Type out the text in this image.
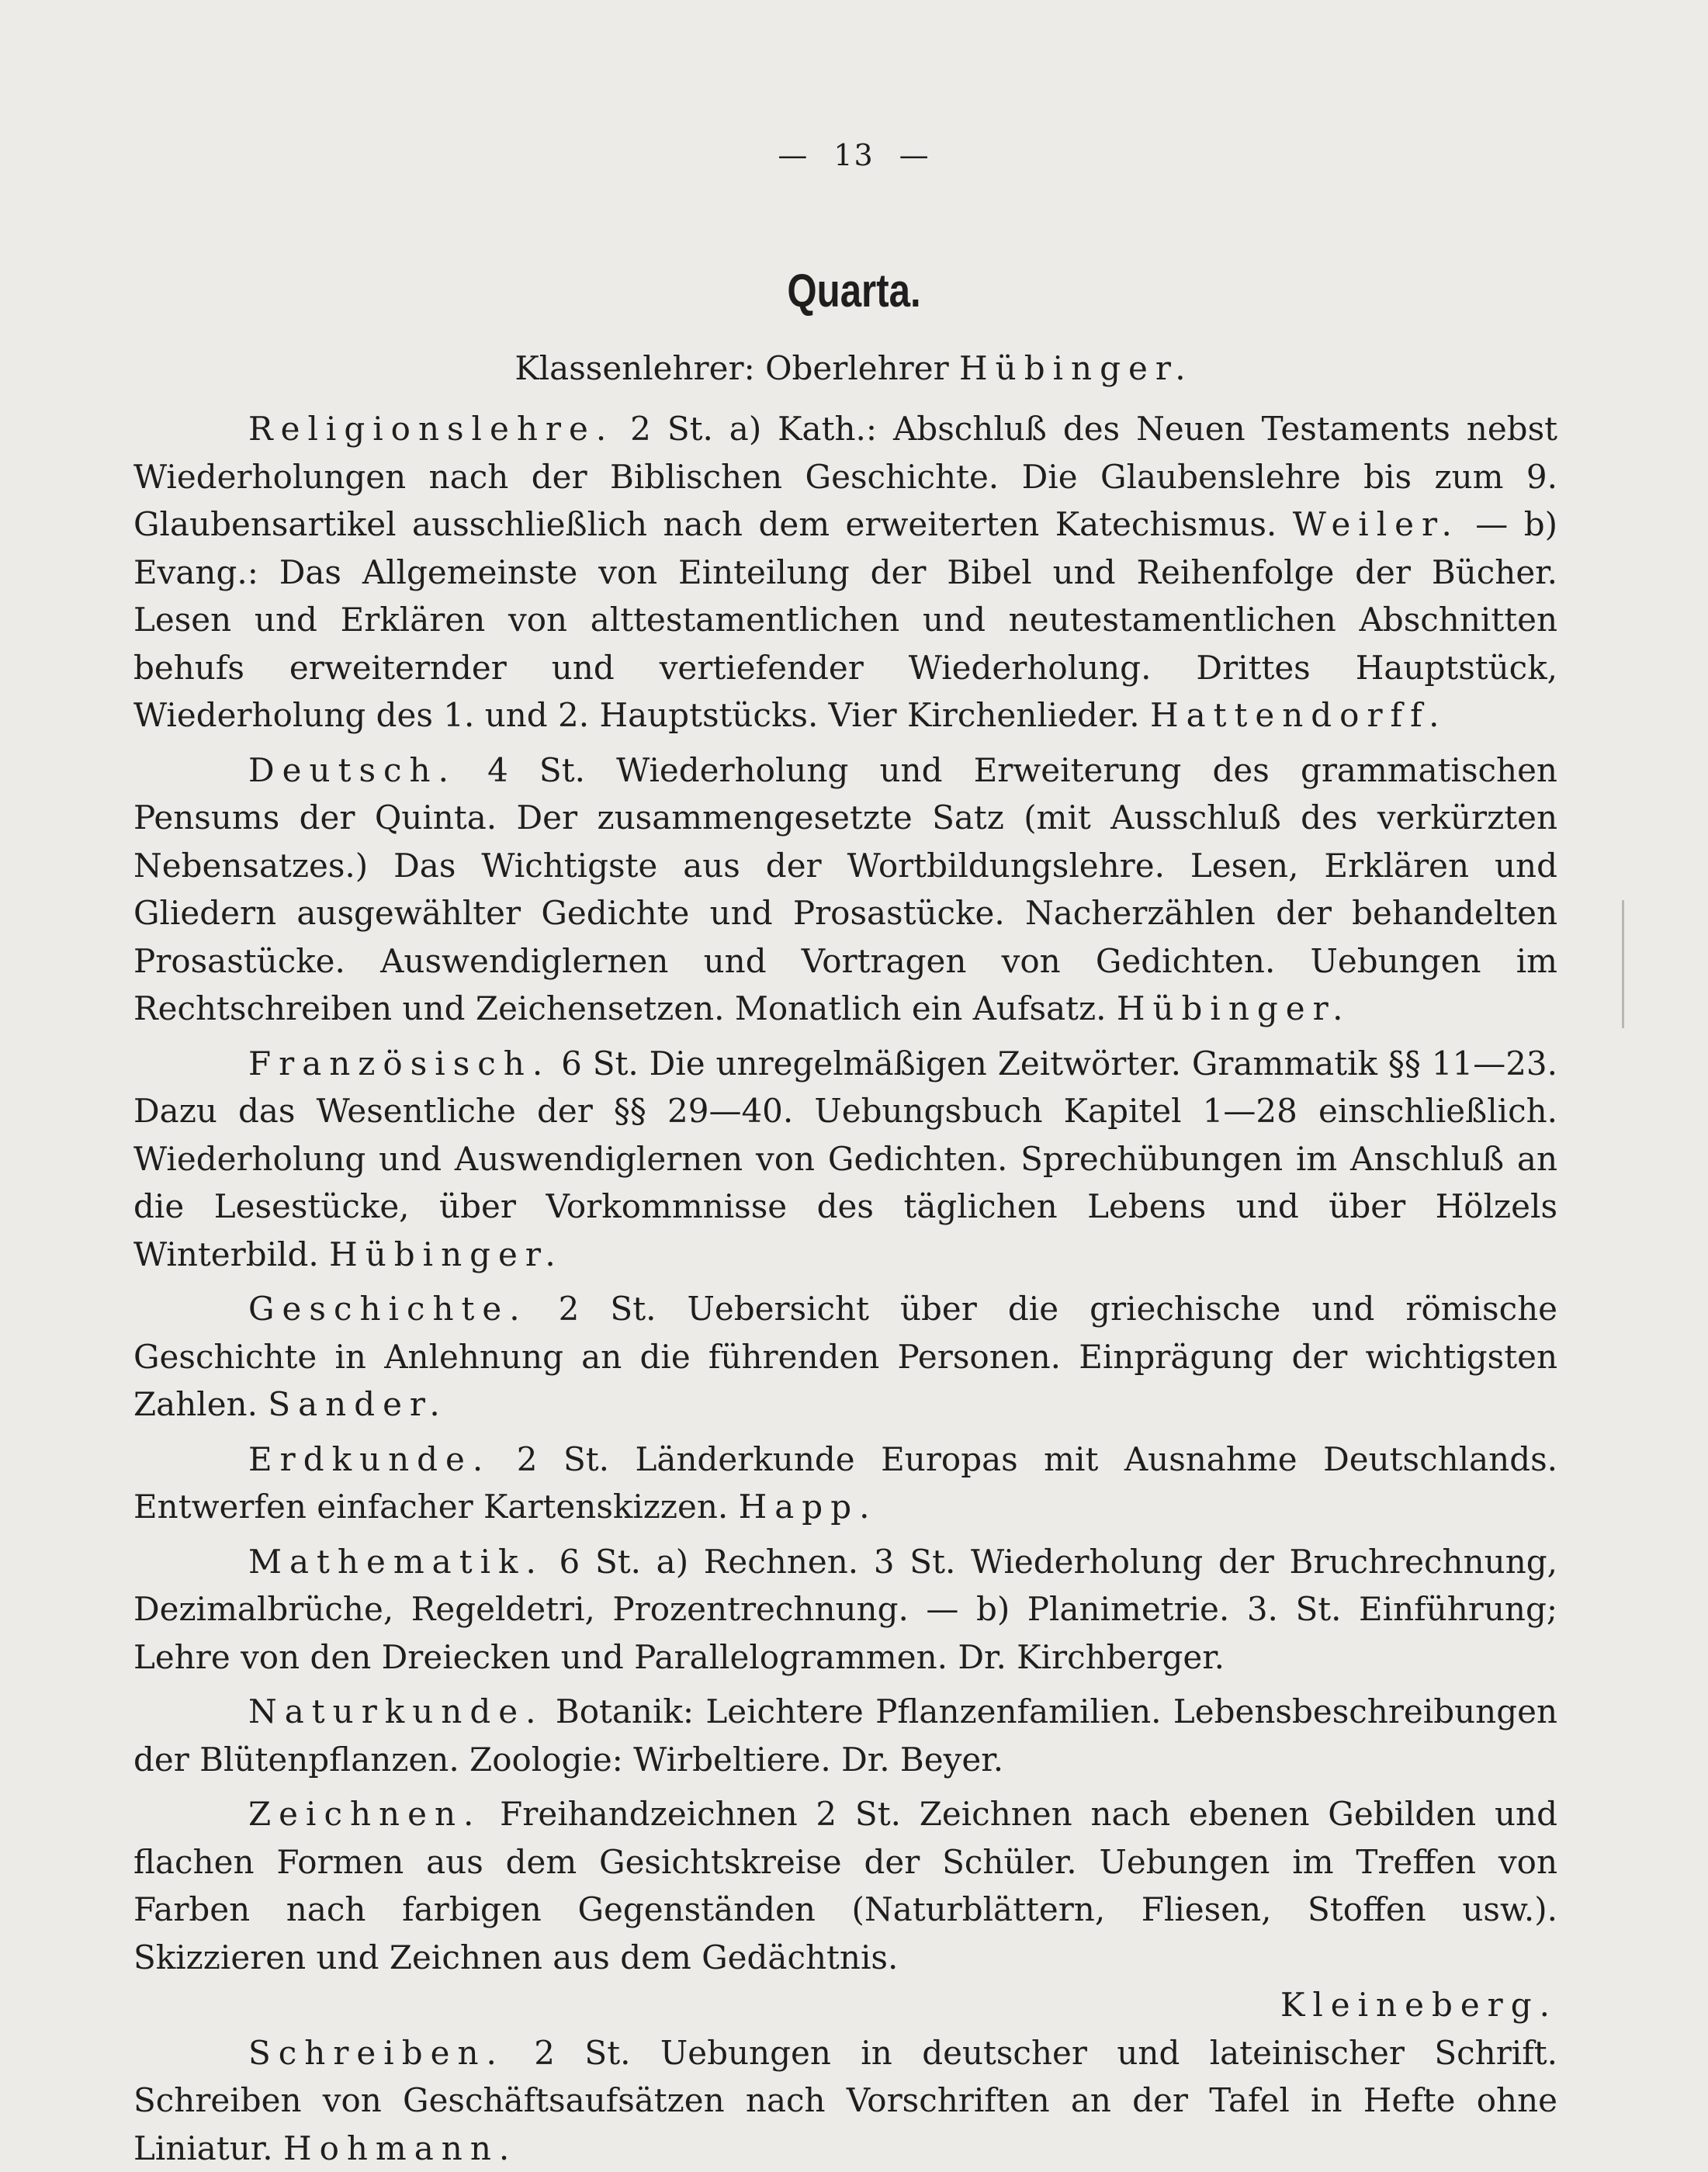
— 13 —
Quarta.
Klassenlehrer: Oberlehrer Hübinger.

Religionslehre. 2 St. a) Kath.: Abschluß des Neuen Testaments nebst Wiederholungen nach der Biblischen Geschichte. Die Glaubenslehre bis zum 9. Glaubensartikel ausschließlich nach dem erweiterten Katechismus. Weiler. — b) Evang.: Das Allgemeinste von Einteilung der Bibel und Reihenfolge der Bücher. Lesen und Erklären von alttestamentlichen und neutestamentlichen Abschnitten behufs erweiternder und vertiefender Wiederholung. Drittes Hauptstück, Wiederholung des 1. und 2. Hauptstücks. Vier Kirchenlieder. Hattendorff.

Deutsch. 4 St. Wiederholung und Erweiterung des grammatischen Pensums der Quinta. Der zusammengesetzte Satz (mit Ausschluß des verkürzten Nebensatzes.) Das Wichtigste aus der Wortbildungslehre. Lesen, Erklären und Gliedern ausgewählter Gedichte und Prosastücke. Nacherzählen der behandelten Prosastücke. Auswendiglernen und Vortragen von Gedichten. Uebungen im Rechtschreiben und Zeichensetzen. Monatlich ein Aufsatz. Hübinger.

Französisch. 6 St. Die unregelmäßigen Zeitwörter. Grammatik §§ 11—23. Dazu das Wesentliche der §§ 29—40. Uebungsbuch Kapitel 1—28 einschließlich. Wiederholung und Auswendiglernen von Gedichten. Sprechübungen im Anschluß an die Lesestücke, über Vorkommnisse des täglichen Lebens und über Hölzels Winterbild. Hübinger.

Geschichte. 2 St. Uebersicht über die griechische und römische Geschichte in Anlehnung an die führenden Personen. Einprägung der wichtigsten Zahlen. Sander.

Erdkunde. 2 St. Länderkunde Europas mit Ausnahme Deutschlands. Entwerfen einfacher Kartenskizzen. Happ.

Mathematik. 6 St. a) Rechnen. 3 St. Wiederholung der Bruchrechnung, Dezimalbrüche, Regeldetri, Prozentrechnung. — b) Planimetrie. 3. St. Einführung; Lehre von den Dreiecken und Parallelogrammen. Dr. Kirchberger.

Naturkunde. Botanik: Leichtere Pflanzenfamilien. Lebensbeschreibungen der Blütenpflanzen. Zoologie: Wirbeltiere. Dr. Beyer.

Zeichnen. Freihandzeichnen 2 St. Zeichnen nach ebenen Gebilden und flachen Formen aus dem Gesichtskreise der Schüler. Uebungen im Treffen von Farben nach farbigen Gegenständen (Naturblättern, Fliesen, Stoffen usw.). Skizzieren und Zeichnen aus dem Gedächtnis.

Kleineberg.

Schreiben. 2 St. Uebungen in deutscher und lateinischer Schrift. Schreiben von Geschäftsaufsätzen nach Vorschriften an der Tafel in Hefte ohne Liniatur. Hohmann.
